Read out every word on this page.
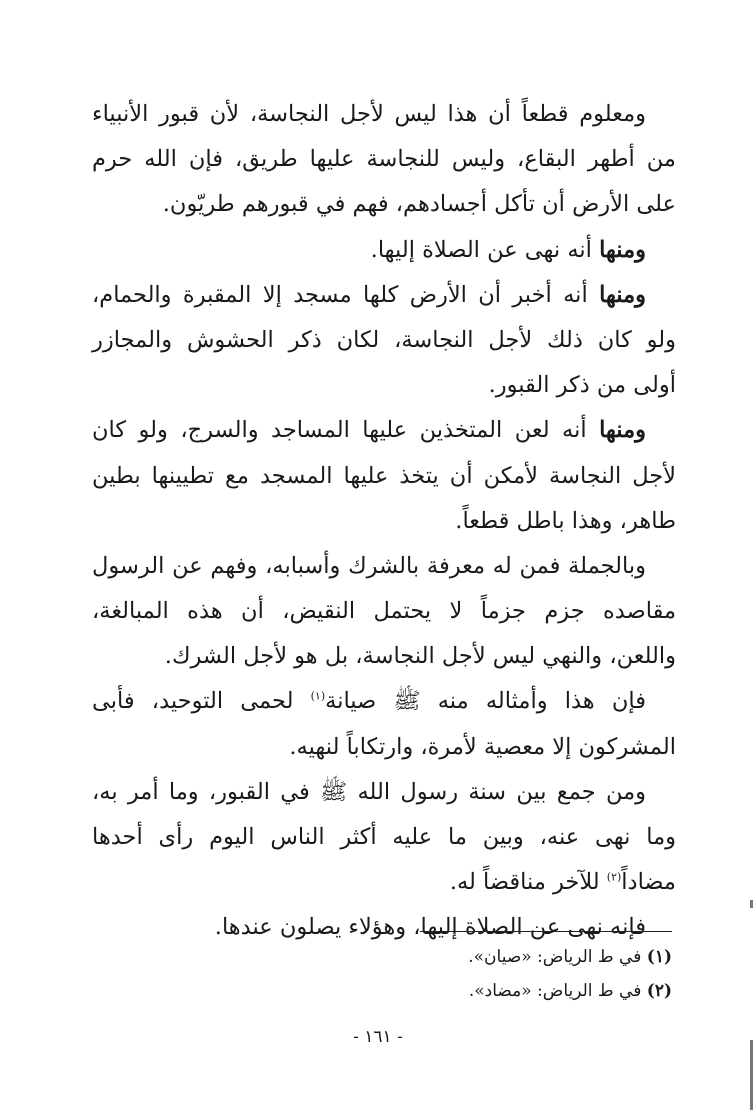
ومعلوم قطعاً أن هذا ليس لأجل النجاسة، لأن قبور الأنبياء
من أطهر البقاع، وليس للنجاسة عليها طريق، فإن الله حرم
على الأرض أن تأكل أجسادهم، فهم في قبورهم طريّون.
ومنها أنه نهى عن الصلاة إليها.
ومنها أنه أخبر أن الأرض كلها مسجد إلا المقبرة والحمام،
ولو كان ذلك لأجل النجاسة، لكان ذكر الحشوش والمجازر
أولى من ذكر القبور.
ومنها أنه لعن المتخذين عليها المساجد والسرج، ولو كان
لأجل النجاسة لأمكن أن يتخذ عليها المسجد مع تطيينها بطين
طاهر، وهذا باطل قطعاً.
وبالجملة فمن له معرفة بالشرك وأسبابه، وفهم عن الرسول
مقاصده جزم جزماً لا يحتمل النقيض، أن هذه المبالغة،
واللعن، والنهي ليس لأجل النجاسة، بل هو لأجل الشرك.
فإن هذا وأمثاله منه ﷺ صيانة$^{(١)}$ لحمى التوحيد، فأبى
المشركون إلا معصية لأمرة، وارتكاباً لنهيه.
ومن جمع بين سنة رسول الله ﷺ في القبور، وما أمر به،
وما نهى عنه، وبين ما عليه أكثر الناس اليوم رأى أحدها
مضاداً$^{(٢)}$ للآخر مناقضاً له.
فإنه نهى عن الصلاة إليها، وهؤلاء يصلون عندها.
(١) في ط الرياض: «صيان».
(٢) في ط الرياض: «مضاد».
- ١٦١ -
